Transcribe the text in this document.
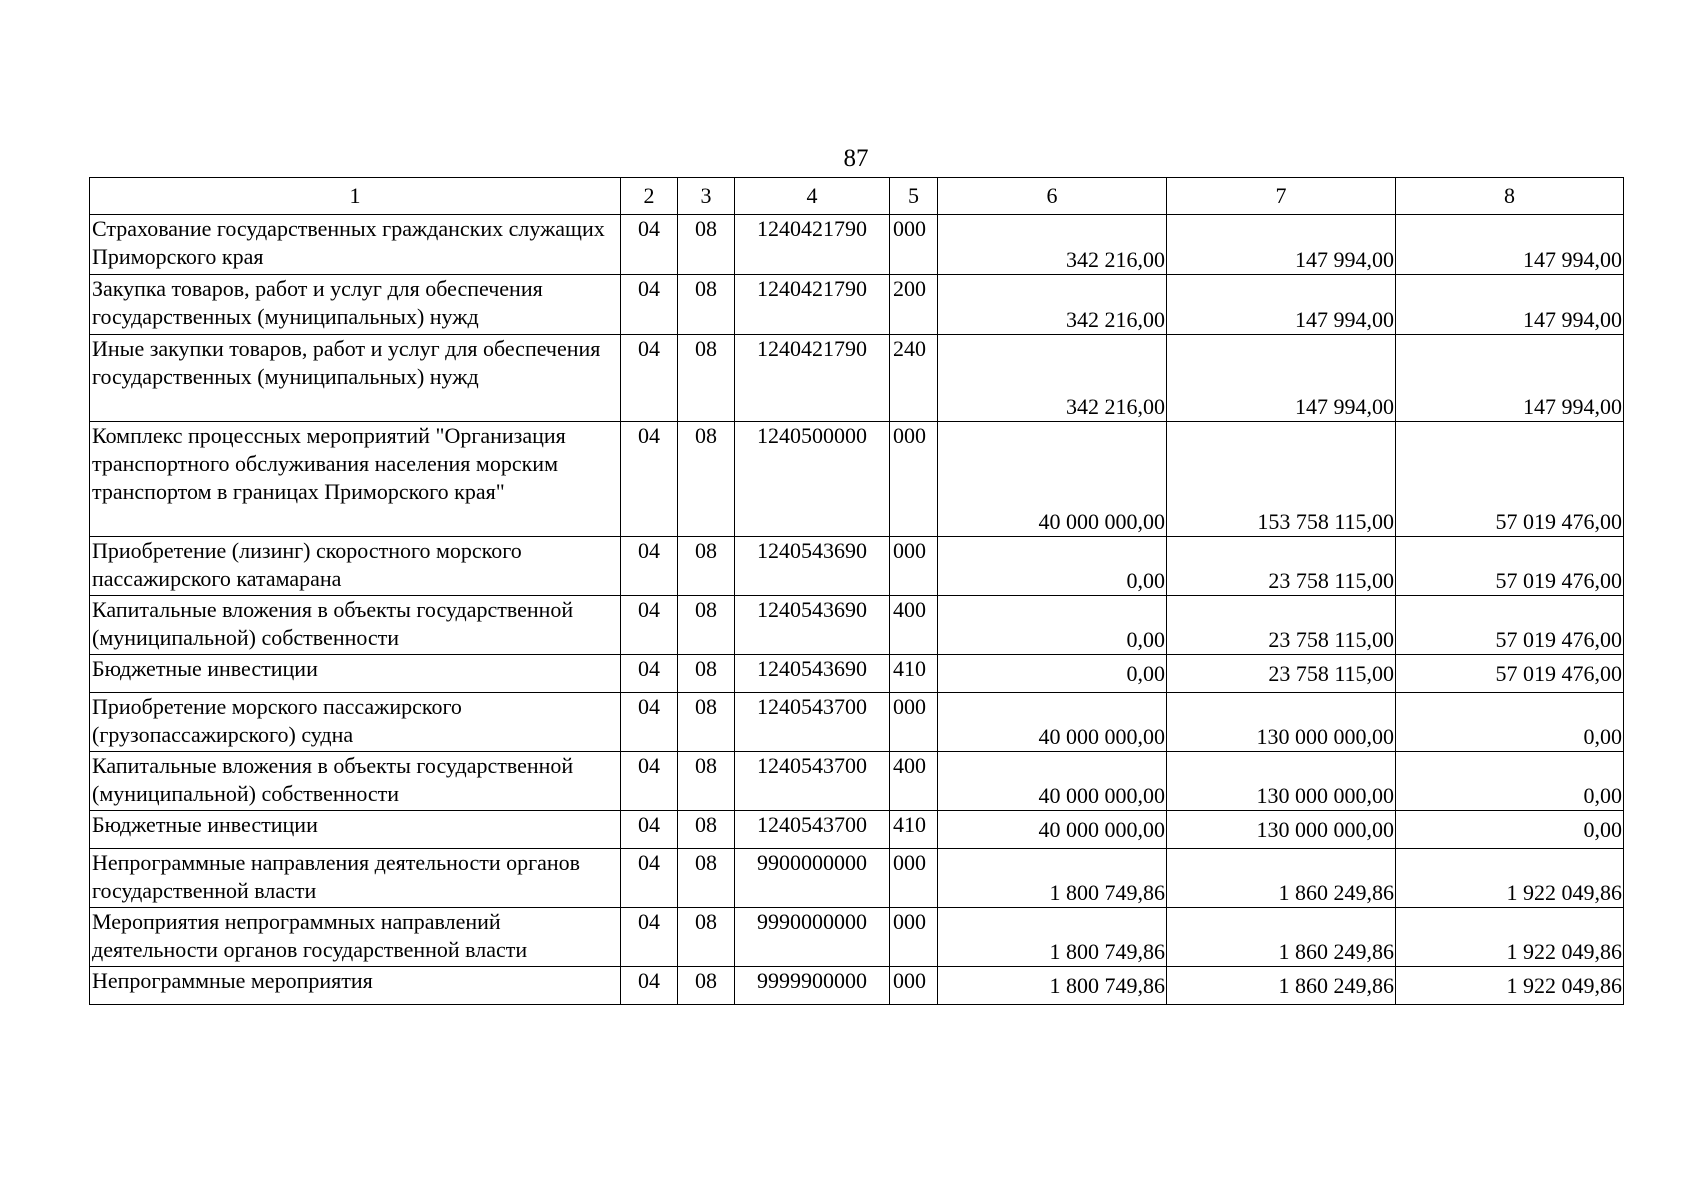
87
1	2	3	4	5	6	7	8
Страхование государственных гражданских служащих Приморского края	04	08	1240421790	000	342 216,00	147 994,00	147 994,00
Закупка товаров, работ и услуг для обеспечения государственных (муниципальных) нужд	04	08	1240421790	200	342 216,00	147 994,00	147 994,00
Иные закупки товаров, работ и услуг для обеспечения государственных (муниципальных) нужд	04	08	1240421790	240	342 216,00	147 994,00	147 994,00
Комплекс процессных мероприятий "Организация транспортного обслуживания населения морским транспортом в границах Приморского края"	04	08	1240500000	000	40 000 000,00	153 758 115,00	57 019 476,00
Приобретение (лизинг) скоростного морского пассажирского катамарана	04	08	1240543690	000	0,00	23 758 115,00	57 019 476,00
Капитальные вложения в объекты государственной (муниципальной) собственности	04	08	1240543690	400	0,00	23 758 115,00	57 019 476,00
Бюджетные инвестиции	04	08	1240543690	410	0,00	23 758 115,00	57 019 476,00
Приобретение морского пассажирского (грузопассажирского) судна	04	08	1240543700	000	40 000 000,00	130 000 000,00	0,00
Капитальные вложения в объекты государственной (муниципальной) собственности	04	08	1240543700	400	40 000 000,00	130 000 000,00	0,00
Бюджетные инвестиции	04	08	1240543700	410	40 000 000,00	130 000 000,00	0,00
Непрограммные направления деятельности органов государственной власти	04	08	9900000000	000	1 800 749,86	1 860 249,86	1 922 049,86
Мероприятия непрограммных направлений деятельности органов государственной власти	04	08	9990000000	000	1 800 749,86	1 860 249,86	1 922 049,86
Непрограммные мероприятия	04	08	9999900000	000	1 800 749,86	1 860 249,86	1 922 049,86
